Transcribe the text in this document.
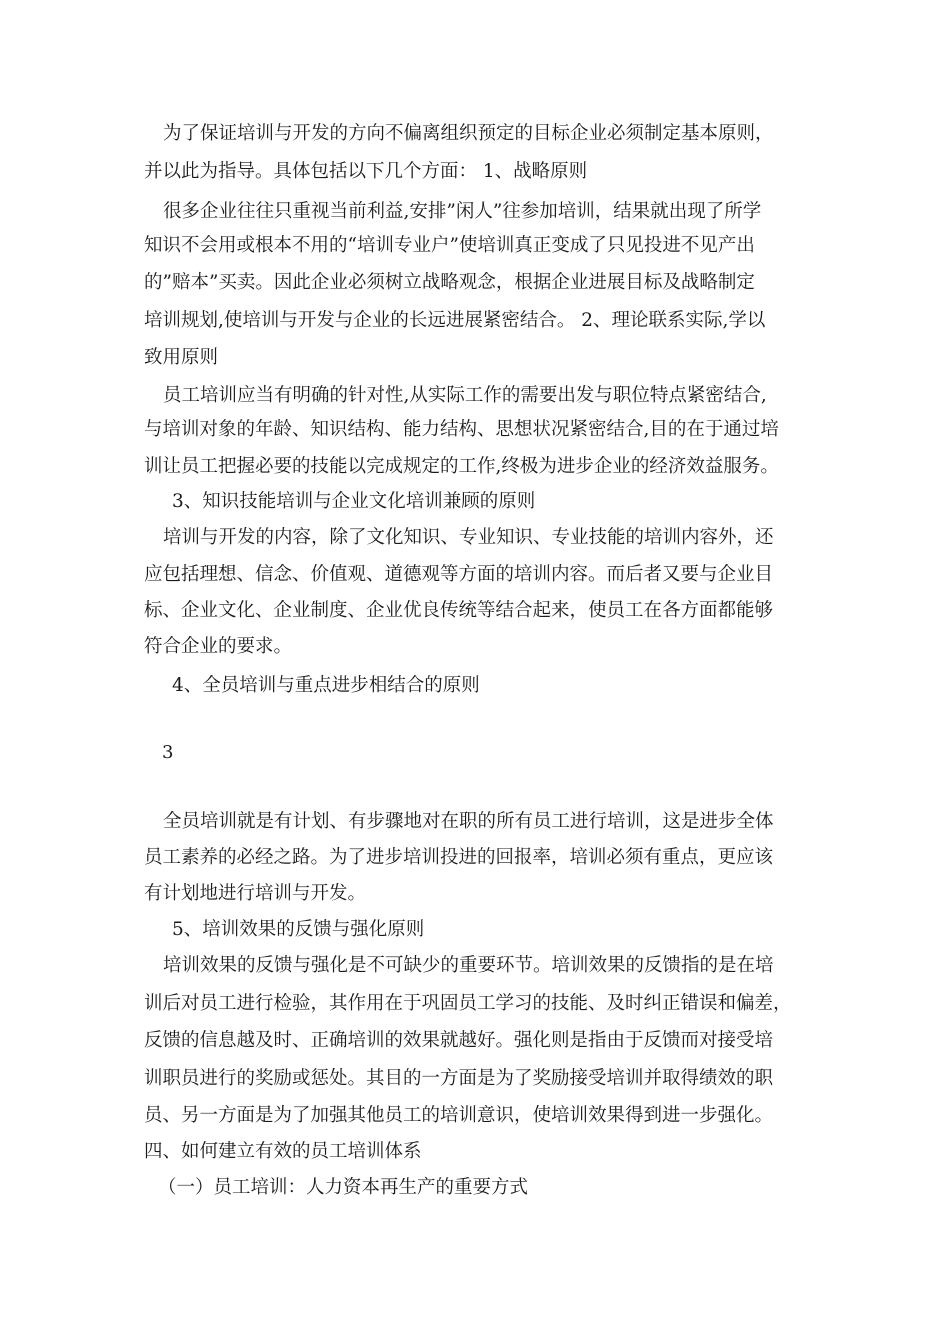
为了保证培训与开发的方向不偏离组织预定的目标企业必须制定基本原则，
并以此为指导。具体包括以下几个方面： 1、战略原则
很多企业往往只重视当前利益,安排”闲人”往参加培训，结果就出现了所学
知识不会用或根本不用的“培训专业户”使培训真正变成了只见投进不见产出
的”赔本”买卖。因此企业必须树立战略观念，根据企业进展目标及战略制定
培训规划,使培训与开发与企业的长远进展紧密结合。 2、理论联系实际,学以
致用原则
员工培训应当有明确的针对性,从实际工作的需要出发与职位特点紧密结合,
与培训对象的年龄、知识结构、能力结构、思想状况紧密结合,目的在于通过培
训让员工把握必要的技能以完成规定的工作,终极为进步企业的经济效益服务。
3、知识技能培训与企业文化培训兼顾的原则
培训与开发的内容，除了文化知识、专业知识、专业技能的培训内容外，还
应包括理想、信念、价值观、道德观等方面的培训内容。而后者又要与企业目
标、企业文化、企业制度、企业优良传统等结合起来，使员工在各方面都能够
符合企业的要求。
4、全员培训与重点进步相结合的原则
3
全员培训就是有计划、有步骤地对在职的所有员工进行培训，这是进步全体
员工素养的必经之路。为了进步培训投进的回报率，培训必须有重点，更应该
有计划地进行培训与开发。
5、培训效果的反馈与强化原则
培训效果的反馈与强化是不可缺少的重要环节。培训效果的反馈指的是在培
训后对员工进行检验，其作用在于巩固员工学习的技能、及时纠正错误和偏差，
反馈的信息越及时、正确培训的效果就越好。强化则是指由于反馈而对接受培
训职员进行的奖励或惩处。其目的一方面是为了奖励接受培训并取得绩效的职
员、另一方面是为了加强其他员工的培训意识，使培训效果得到进一步强化。
四、如何建立有效的员工培训体系
（一）员工培训：人力资本再生产的重要方式
